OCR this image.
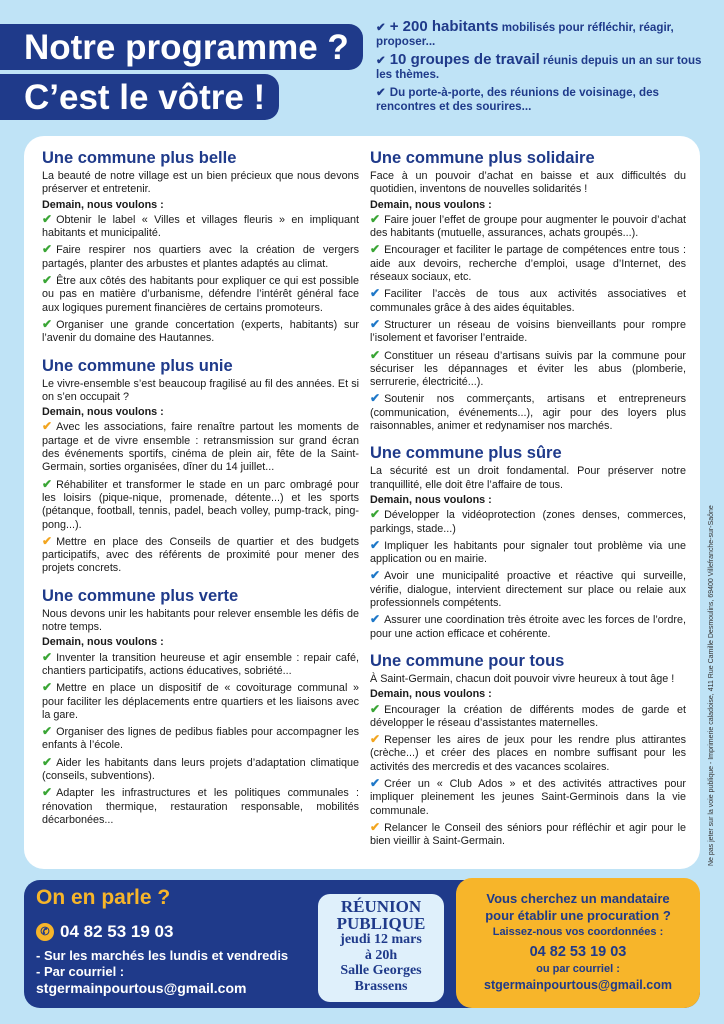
Notre programme ?
C’est le vôtre !
✔ + 200 habitants mobilisés pour réfléchir, réagir, proposer...
✔ 10 groupes de travail réunis depuis un an sur tous les thèmes.
✔ Du porte-à-porte, des réunions de voisinage, des rencontres et des sourires...
Une commune plus belle
La beauté de notre village est un bien précieux que nous devons préserver et entretenir.
Demain, nous voulons :
✔ Obtenir le label « Villes et villages fleuris » en impliquant habitants et municipalité.
✔ Faire respirer nos quartiers avec la création de vergers partagés, planter des arbustes et plantes adaptés au climat.
✔ Être aux côtés des habitants pour expliquer ce qui est possible ou pas en matière d’urbanisme, défendre l’intérêt général face aux logiques purement financières de certains promoteurs.
✔ Organiser une grande concertation (experts, habitants) sur l’avenir du domaine des Hautannes.
Une commune plus unie
Le vivre-ensemble s’est beaucoup fragilisé au fil des années. Et si on s’en occupait ?
Demain, nous voulons :
✔ Avec les associations, faire renaître partout les moments de partage et de vivre ensemble : retransmission sur grand écran des événements sportifs, cinéma de plein air, fête de la Saint-Germain, sorties organisées, dîner du 14 juillet...
✔ Réhabiliter et transformer le stade en un parc ombragé pour les loisirs (pique-nique, promenade, détente...) et les sports (pétanque, football, tennis, padel, beach volley, pump-track, ping-pong...).
✔ Mettre en place des Conseils de quartier et des budgets participatifs, avec des référents de proximité pour mener des projets concrets.
Une commune plus verte
Nous devons unir les habitants pour relever ensemble les défis de notre temps.
Demain, nous voulons :
✔ Inventer la transition heureuse et agir ensemble : repair café, chantiers participatifs, actions éducatives, sobriété...
✔ Mettre en place un dispositif de « covoiturage communal » pour faciliter les déplacements entre quartiers et les liaisons avec la gare.
✔ Organiser des lignes de pedibus fiables pour accompagner les enfants à l’école.
✔ Aider les habitants dans leurs projets d’adaptation climatique (conseils, subventions).
✔ Adapter les infrastructures et les politiques communales : rénovation thermique, restauration responsable, mobilités décarbonées...
Une commune plus solidaire
Face à un pouvoir d’achat en baisse et aux difficultés du quotidien, inventons de nouvelles solidarités !
Demain, nous voulons :
✔ Faire jouer l’effet de groupe pour augmenter le pouvoir d’achat des habitants (mutuelle, assurances, achats groupés...).
✔ Encourager et faciliter le partage de compétences entre tous : aide aux devoirs, recherche d’emploi, usage d’Internet, des réseaux sociaux, etc.
✔ Faciliter l’accès de tous aux activités associatives et communales grâce à des aides équitables.
✔ Structurer un réseau de voisins bienveillants pour rompre l’isolement et favoriser l’entraide.
✔ Constituer un réseau d’artisans suivis par la commune pour sécuriser les dépannages et éviter les abus (plomberie, serrurerie, électricité...).
✔ Soutenir nos commerçants, artisans et entrepreneurs (communication, événements...), agir pour des loyers plus raisonnables, animer et redynamiser nos marchés.
Une commune plus sûre
La sécurité est un droit fondamental. Pour préserver notre tranquillité, elle doit être l’affaire de tous.
Demain, nous voulons :
✔ Développer la vidéoprotection (zones denses, commerces, parkings, stade...)
✔ Impliquer les habitants pour signaler tout problème via une application ou en mairie.
✔ Avoir une municipalité proactive et réactive qui surveille, vérifie, dialogue, intervient directement sur place ou relaie aux professionnels compétents.
✔ Assurer une coordination très étroite avec les forces de l’ordre, pour une action efficace et cohérente.
Une commune pour tous
À Saint-Germain, chacun doit pouvoir vivre heureux à tout âge !
Demain, nous voulons :
✔ Encourager la création de différents modes de garde et développer le réseau d’assistantes maternelles.
✔ Repenser les aires de jeux pour les rendre plus attirantes (crèche...) et créer des places en nombre suffisant pour les activités des mercredis et des vacances scolaires.
✔ Créer un « Club Ados » et des activités attractives pour impliquer pleinement les jeunes Saint-Germinois dans la vie communale.
✔ Relancer le Conseil des séniors pour réfléchir et agir pour le bien vieillir à Saint-Germain.	Ne pas jeter sur la voie publique - Imprimerie caladoise, 411 Rue Camille Desmoulins, 69400 Villefranche-sur-Saône
On en parle ?
✆ 04 82 53 19 03
- Sur les marchés les lundis et vendredis
- Par courriel :
stgermainpourtous@gmail.com
RÉUNION
PUBLIQUE
jeudi 12 mars
à 20h
Salle Georges
Brassens
Vous cherchez un mandataire
pour établir une procuration ?
Laissez-nous vos coordonnées :
04 82 53 19 03
ou par courriel :
stgermainpourtous@gmail.com
